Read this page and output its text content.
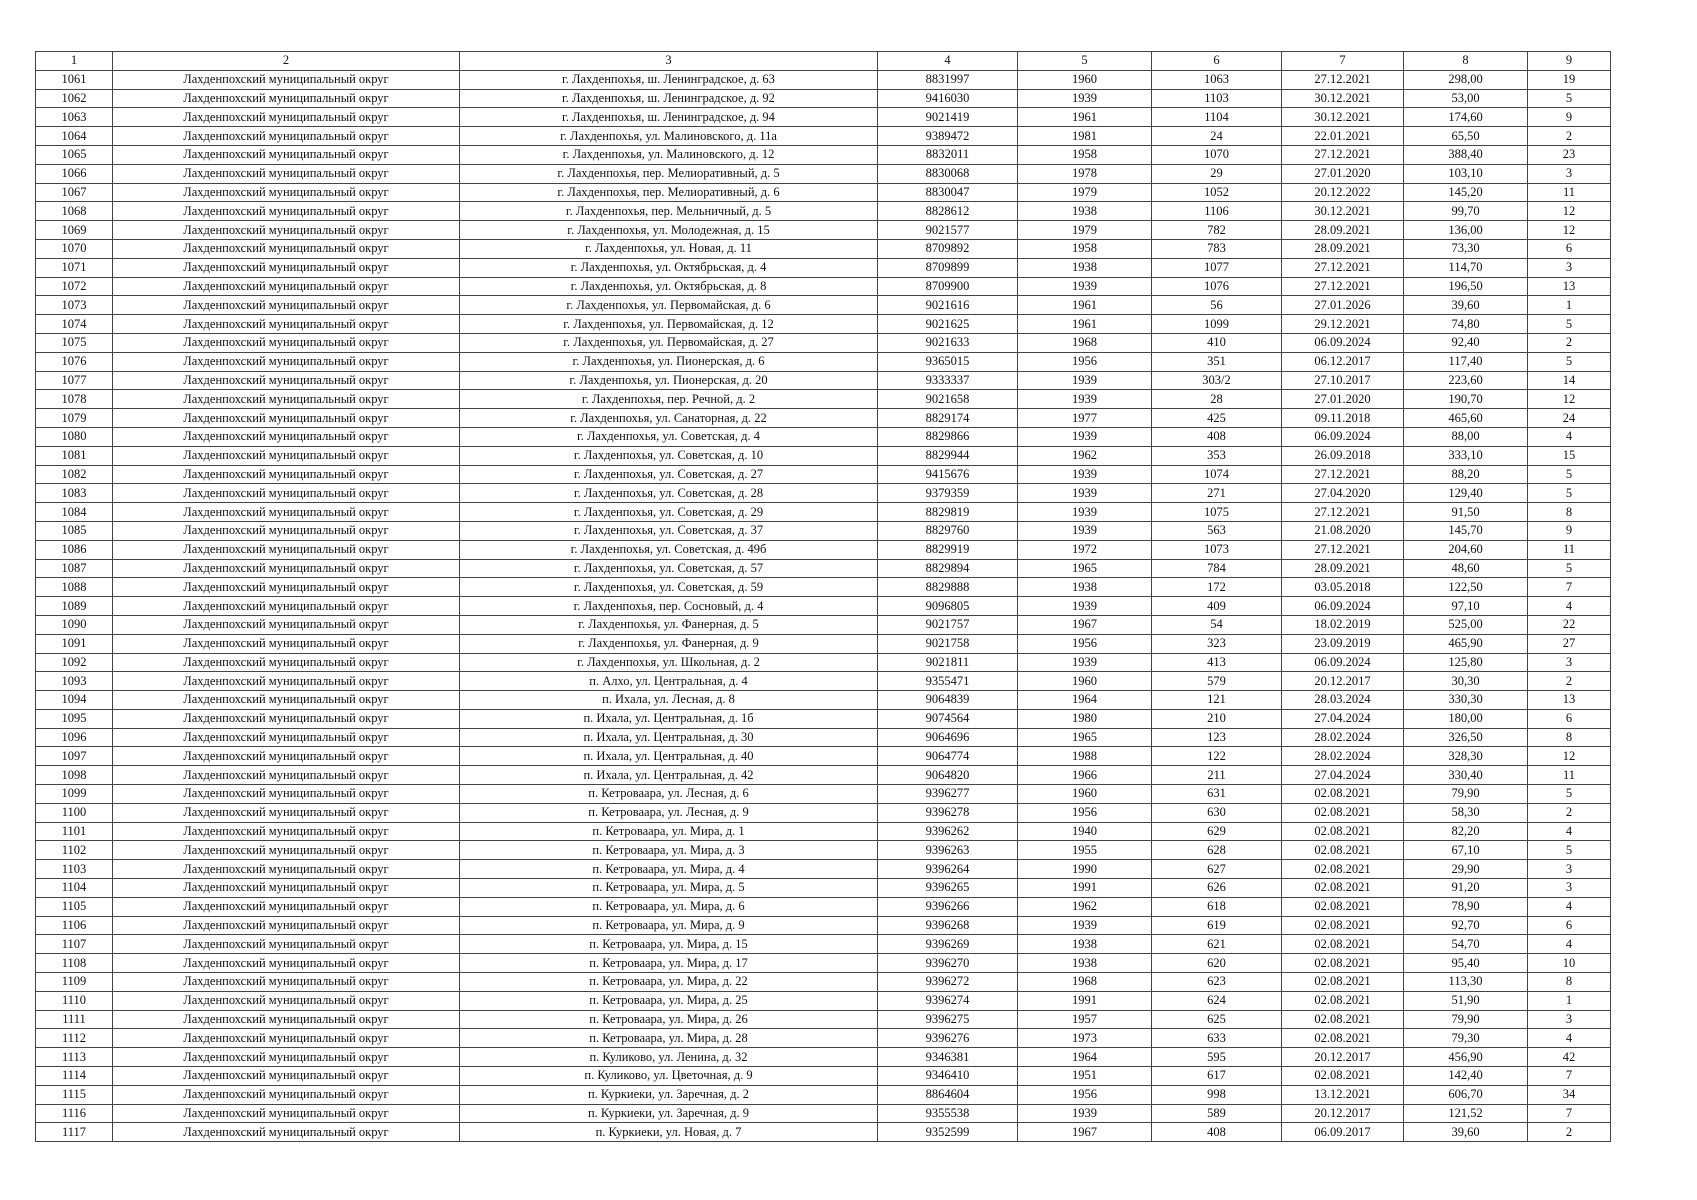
1	2	3	4	5	6	7	8	9
1061	Лахденпохский муниципальный округ	г. Лахденпохья, ш. Ленинградское, д. 63	8831997	1960	1063	27.12.2021	298,00	19
1062	Лахденпохский муниципальный округ	г. Лахденпохья, ш. Ленинградское, д. 92	9416030	1939	1103	30.12.2021	53,00	5
1063	Лахденпохский муниципальный округ	г. Лахденпохья, ш. Ленинградское, д. 94	9021419	1961	1104	30.12.2021	174,60	9
1064	Лахденпохский муниципальный округ	г. Лахденпохья, ул. Малиновского, д. 11а	9389472	1981	24	22.01.2021	65,50	2
1065	Лахденпохский муниципальный округ	г. Лахденпохья, ул. Малиновского, д. 12	8832011	1958	1070	27.12.2021	388,40	23
1066	Лахденпохский муниципальный округ	г. Лахденпохья, пер. Мелиоративный, д. 5	8830068	1978	29	27.01.2020	103,10	3
1067	Лахденпохский муниципальный округ	г. Лахденпохья, пер. Мелиоративный, д. 6	8830047	1979	1052	20.12.2022	145,20	11
1068	Лахденпохский муниципальный округ	г. Лахденпохья, пер. Мельничный, д. 5	8828612	1938	1106	30.12.2021	99,70	12
1069	Лахденпохский муниципальный округ	г. Лахденпохья, ул. Молодежная, д. 15	9021577	1979	782	28.09.2021	136,00	12
1070	Лахденпохский муниципальный округ	г. Лахденпохья, ул. Новая, д. 11	8709892	1958	783	28.09.2021	73,30	6
1071	Лахденпохский муниципальный округ	г. Лахденпохья, ул. Октябрьская, д. 4	8709899	1938	1077	27.12.2021	114,70	3
1072	Лахденпохский муниципальный округ	г. Лахденпохья, ул. Октябрьская, д. 8	8709900	1939	1076	27.12.2021	196,50	13
1073	Лахденпохский муниципальный округ	г. Лахденпохья, ул. Первомайская, д. 6	9021616	1961	56	27.01.2026	39,60	1
1074	Лахденпохский муниципальный округ	г. Лахденпохья, ул. Первомайская, д. 12	9021625	1961	1099	29.12.2021	74,80	5
1075	Лахденпохский муниципальный округ	г. Лахденпохья, ул. Первомайская, д. 27	9021633	1968	410	06.09.2024	92,40	2
1076	Лахденпохский муниципальный округ	г. Лахденпохья, ул. Пионерская, д. 6	9365015	1956	351	06.12.2017	117,40	5
1077	Лахденпохский муниципальный округ	г. Лахденпохья, ул. Пионерская, д. 20	9333337	1939	303/2	27.10.2017	223,60	14
1078	Лахденпохский муниципальный округ	г. Лахденпохья, пер. Речной, д. 2	9021658	1939	28	27.01.2020	190,70	12
1079	Лахденпохский муниципальный округ	г. Лахденпохья, ул. Санаторная, д. 22	8829174	1977	425	09.11.2018	465,60	24
1080	Лахденпохский муниципальный округ	г. Лахденпохья, ул. Советская, д. 4	8829866	1939	408	06.09.2024	88,00	4
1081	Лахденпохский муниципальный округ	г. Лахденпохья, ул. Советская, д. 10	8829944	1962	353	26.09.2018	333,10	15
1082	Лахденпохский муниципальный округ	г. Лахденпохья, ул. Советская, д. 27	9415676	1939	1074	27.12.2021	88,20	5
1083	Лахденпохский муниципальный округ	г. Лахденпохья, ул. Советская, д. 28	9379359	1939	271	27.04.2020	129,40	5
1084	Лахденпохский муниципальный округ	г. Лахденпохья, ул. Советская, д. 29	8829819	1939	1075	27.12.2021	91,50	8
1085	Лахденпохский муниципальный округ	г. Лахденпохья, ул. Советская, д. 37	8829760	1939	563	21.08.2020	145,70	9
1086	Лахденпохский муниципальный округ	г. Лахденпохья, ул. Советская, д. 49б	8829919	1972	1073	27.12.2021	204,60	11
1087	Лахденпохский муниципальный округ	г. Лахденпохья, ул. Советская, д. 57	8829894	1965	784	28.09.2021	48,60	5
1088	Лахденпохский муниципальный округ	г. Лахденпохья, ул. Советская, д. 59	8829888	1938	172	03.05.2018	122,50	7
1089	Лахденпохский муниципальный округ	г. Лахденпохья, пер. Сосновый, д. 4	9096805	1939	409	06.09.2024	97,10	4
1090	Лахденпохский муниципальный округ	г. Лахденпохья, ул. Фанерная, д. 5	9021757	1967	54	18.02.2019	525,00	22
1091	Лахденпохский муниципальный округ	г. Лахденпохья, ул. Фанерная, д. 9	9021758	1956	323	23.09.2019	465,90	27
1092	Лахденпохский муниципальный округ	г. Лахденпохья, ул. Школьная, д. 2	9021811	1939	413	06.09.2024	125,80	3
1093	Лахденпохский муниципальный округ	п. Алхо, ул. Центральная, д. 4	9355471	1960	579	20.12.2017	30,30	2
1094	Лахденпохский муниципальный округ	п. Ихала, ул. Лесная, д. 8	9064839	1964	121	28.03.2024	330,30	13
1095	Лахденпохский муниципальный округ	п. Ихала, ул. Центральная, д. 1б	9074564	1980	210	27.04.2024	180,00	6
1096	Лахденпохский муниципальный округ	п. Ихала, ул. Центральная, д. 30	9064696	1965	123	28.02.2024	326,50	8
1097	Лахденпохский муниципальный округ	п. Ихала, ул. Центральная, д. 40	9064774	1988	122	28.02.2024	328,30	12
1098	Лахденпохский муниципальный округ	п. Ихала, ул. Центральная, д. 42	9064820	1966	211	27.04.2024	330,40	11
1099	Лахденпохский муниципальный округ	п. Кетроваара, ул. Лесная, д. 6	9396277	1960	631	02.08.2021	79,90	5
1100	Лахденпохский муниципальный округ	п. Кетроваара, ул. Лесная, д. 9	9396278	1956	630	02.08.2021	58,30	2
1101	Лахденпохский муниципальный округ	п. Кетроваара, ул. Мира, д. 1	9396262	1940	629	02.08.2021	82,20	4
1102	Лахденпохский муниципальный округ	п. Кетроваара, ул. Мира, д. 3	9396263	1955	628	02.08.2021	67,10	5
1103	Лахденпохский муниципальный округ	п. Кетроваара, ул. Мира, д. 4	9396264	1990	627	02.08.2021	29,90	3
1104	Лахденпохский муниципальный округ	п. Кетроваара, ул. Мира, д. 5	9396265	1991	626	02.08.2021	91,20	3
1105	Лахденпохский муниципальный округ	п. Кетроваара, ул. Мира, д. 6	9396266	1962	618	02.08.2021	78,90	4
1106	Лахденпохский муниципальный округ	п. Кетроваара, ул. Мира, д. 9	9396268	1939	619	02.08.2021	92,70	6
1107	Лахденпохский муниципальный округ	п. Кетроваара, ул. Мира, д. 15	9396269	1938	621	02.08.2021	54,70	4
1108	Лахденпохский муниципальный округ	п. Кетроваара, ул. Мира, д. 17	9396270	1938	620	02.08.2021	95,40	10
1109	Лахденпохский муниципальный округ	п. Кетроваара, ул. Мира, д. 22	9396272	1968	623	02.08.2021	113,30	8
1110	Лахденпохский муниципальный округ	п. Кетроваара, ул. Мира, д. 25	9396274	1991	624	02.08.2021	51,90	1
1111	Лахденпохский муниципальный округ	п. Кетроваара, ул. Мира, д. 26	9396275	1957	625	02.08.2021	79,90	3
1112	Лахденпохский муниципальный округ	п. Кетроваара, ул. Мира, д. 28	9396276	1973	633	02.08.2021	79,30	4
1113	Лахденпохский муниципальный округ	п. Куликово, ул. Ленина, д. 32	9346381	1964	595	20.12.2017	456,90	42
1114	Лахденпохский муниципальный округ	п. Куликово, ул. Цветочная, д. 9	9346410	1951	617	02.08.2021	142,40	7
1115	Лахденпохский муниципальный округ	п. Куркиеки, ул. Заречная, д. 2	8864604	1956	998	13.12.2021	606,70	34
1116	Лахденпохский муниципальный округ	п. Куркиеки, ул. Заречная, д. 9	9355538	1939	589	20.12.2017	121,52	7
1117	Лахденпохский муниципальный округ	п. Куркиеки, ул. Новая, д. 7	9352599	1967	408	06.09.2017	39,60	2
